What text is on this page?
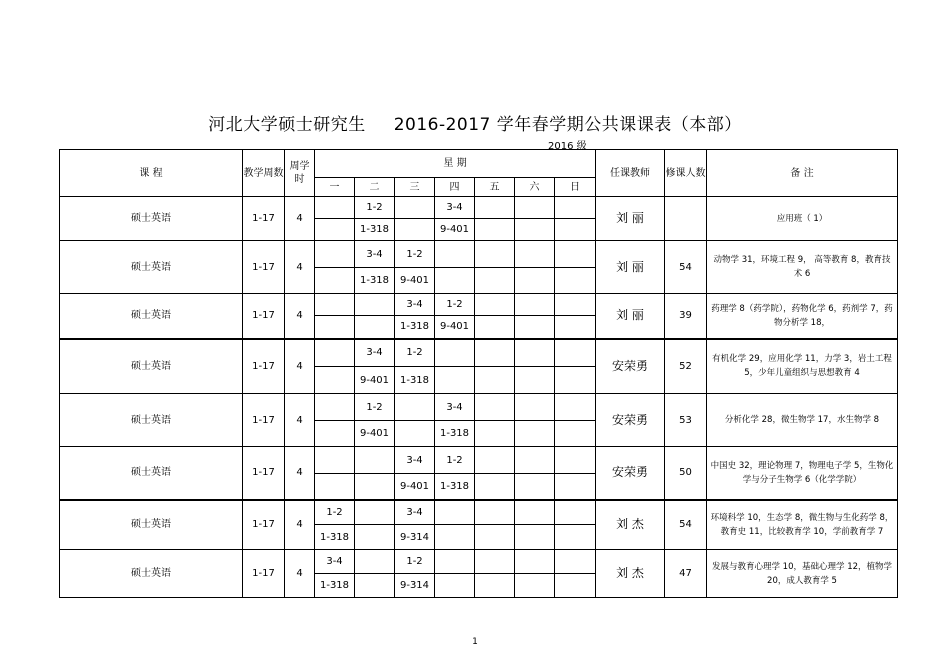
河北大学硕士研究生 2016-2017 学年春学期公共课课表（本部）
2016 级
课 程	教学周数	周学时	星 期							任课教师	修课人数	备 注
			一	二	三	四	五	六	日			
硕士英语	1-17	4		1-2		3-4				刘 丽		应用班（ 1）
				1-318		9-401						
硕士英语	1-17	4		3-4	1-2					刘 丽	54	动物学 31，环境工程 9， 高等教育 8，教育技术 6
				1-318	9-401							
硕士英语	1-17	4			3-4	1-2				刘 丽	39	药理学 8（药学院），药物化学 6，药剂学 7，药物分析学 18，
					1-318	9-401						
硕士英语	1-17	4		3-4	1-2					安荣勇	52	有机化学 29，应用化学 11，力学 3，岩土工程 5，少年儿童组织与思想教育 4
				9-401	1-318							
硕士英语	1-17	4		1-2		3-4				安荣勇	53	分析化学 28，微生物学 17，水生物学 8
				9-401		1-318						
硕士英语	1-17	4			3-4	1-2				安荣勇	50	中国史 32，理论物理 7，物理电子学 5，生物化学与分子生物学 6（化学学院）
					9-401	1-318						
硕士英语	1-17	4	1-2		3-4					刘 杰	54	环境科学 10，生态学 8，微生物与生化药学 8，教育史 11，比较教育学 10，学前教育学 7
			1-318		9-314							
硕士英语	1-17	4	3-4		1-2					刘 杰	47	发展与教育心理学 10，基础心理学 12，植物学 20，成人教育学 5
			1-318		9-314							
1
